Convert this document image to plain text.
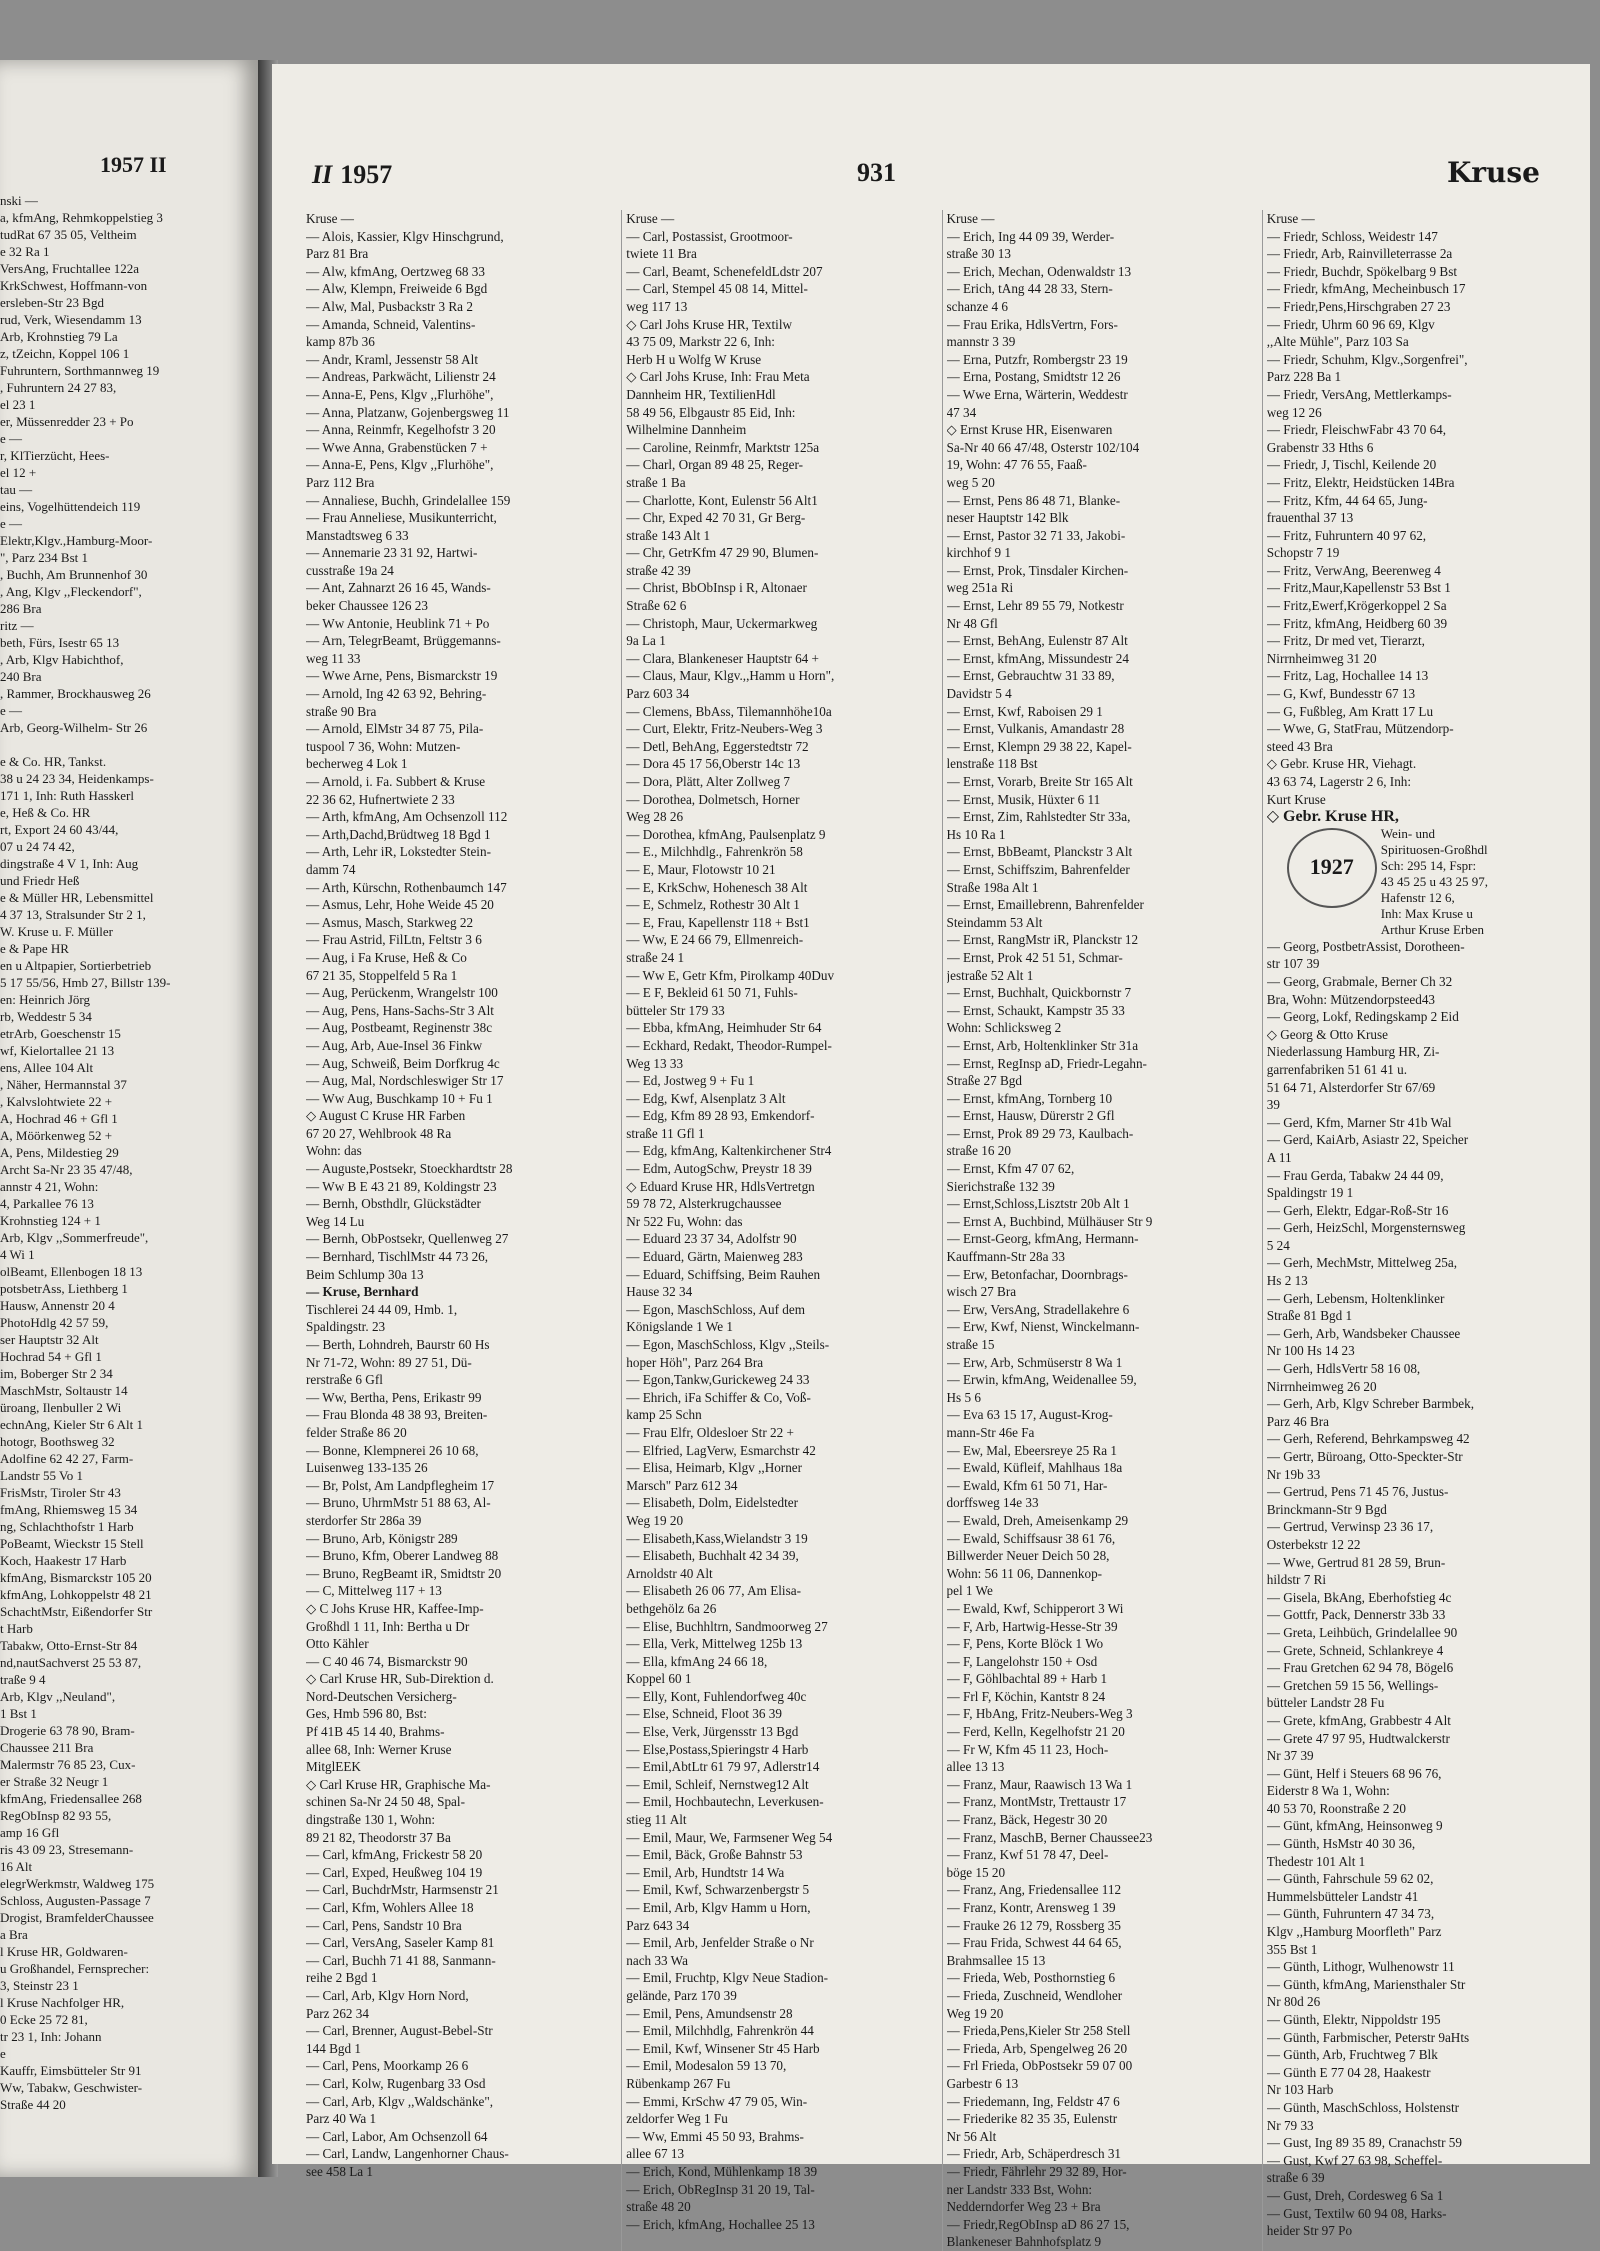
1957 II
nski —
a, kfmAng, Rehmkoppelstieg 3
tudRat 67 35 05, Veltheim
e 32 Ra 1
VersAng, Fruchtallee 122a
KrkSchwest, Hoffmann-von
ersleben-Str 23 Bgd
rud, Verk, Wiesendamm 13
Arb, Krohnstieg 79 La
z, tZeichn, Koppel 106 1
Fuhruntern, Sorthmannweg 19
, Fuhruntern 24 27 83,
el 23 1
er, Müssenredder 23 + Po
e —
r, KlTierzücht, Hees-
el 12 +
tau —
eins, Vogelhüttendeich 119
e —
Elektr,Klgv.,Hamburg-Moor-
", Parz 234 Bst 1
, Buchh, Am Brunnenhof 30
, Ang, Klgv ,,Fleckendorf",
286 Bra
ritz —
beth, Fürs, Isestr 65 13
, Arb, Klgv Habichthof,
240 Bra
, Rammer, Brockhausweg 26
e —
Arb, Georg-Wilhelm- Str 26

e & Co. HR, Tankst.
38 u 24 23 34, Heidenkamps-
171 1, Inh: Ruth Hasskerl
e, Heß & Co. HR
rt, Export 24 60 43/44,
07 u 24 74 42,
dingstraße 4 V 1, Inh: Aug
und Friedr Heß
e & Müller HR, Lebensmittel
4 37 13, Stralsunder Str 2 1,
W. Kruse u. F. Müller
e & Pape HR
en u Altpapier, Sortierbetrieb
5 17 55/56, Hmb 27, Billstr 139-
en: Heinrich Jörg
rb, Weddestr 5 34
etrArb, Goeschenstr 15
wf, Kielortallee 21 13
ens, Allee 104 Alt
, Näher, Hermannstal 37
, Kalvslohtwiete 22 +
A, Hochrad 46 + Gfl 1
A, Möörkenweg 52 +
A, Pens, Mildestieg 29
Archt Sa-Nr 23 35 47/48,
annstr 4 21, Wohn:
4, Parkallee 76 13
Krohnstieg 124 + 1
Arb, Klgv ,,Sommerfreude",
4 Wi 1
olBeamt, Ellenbogen 18 13
potsbetrAss, Liethberg 1
Hausw, Annenstr 20 4
PhotoHdlg 42 57 59,
ser Hauptstr 32 Alt
Hochrad 54 + Gfl 1
im, Boberger Str 2 34
MaschMstr, Soltaustr 14
üroang, Ilenbuller 2 Wi
echnAng, Kieler Str 6 Alt 1
hotogr, Boothsweg 32
Adolfine 62 42 27, Farm-
Landstr 55 Vo 1
FrisMstr, Tiroler Str 43
fmAng, Rhiemsweg 15 34
ng, Schlachthofstr 1 Harb
PoBeamt, Wieckstr 15 Stell
Koch, Haakestr 17 Harb
kfmAng, Bismarckstr 105 20
kfmAng, Lohkoppelstr 48 21
SchachtMstr, Eißendorfer Str
t Harb
Tabakw, Otto-Ernst-Str 84
nd,nautSachverst 25 53 87,
traße 9 4
Arb, Klgv ,,Neuland",
1 Bst 1
Drogerie 63 78 90, Bram-
Chaussee 211 Bra
Malermstr 76 85 23, Cux-
er Straße 32 Neugr 1
kfmAng, Friedensallee 268
RegObInsp 82 93 55,
amp 16 Gfl
ris 43 09 23, Stresemann-
16 Alt
elegrWerkmstr, Waldweg 175
Schloss, Augusten-Passage 7
Drogist, BramfelderChaussee
a Bra
l Kruse HR, Goldwaren-
u Großhandel, Fernsprecher:
3, Steinstr 23 1
l Kruse Nachfolger HR,
0 Ecke 25 72 81,
tr 23 1, Inh: Johann
e
Kauffr, Eimsbütteler Str 91
Ww, Tabakw, Geschwister-
Straße 44 20
II 1957	931	Kruse
Kruse —
— Alois, Kassier, Klgv Hinschgrund,
Parz 81 Bra
— Alw, kfmAng, Oertzweg 68 33
— Alw, Klempn, Freiweide 6 Bgd
— Alw, Mal, Pusbackstr 3 Ra 2
— Amanda, Schneid, Valentins-
kamp 87b 36
— Andr, Kraml, Jessenstr 58 Alt
— Andreas, Parkwächt, Lilienstr 24
— Anna-E, Pens, Klgv ,,Flurhöhe",
— Anna, Platzanw, Gojenbergsweg 11
— Anna, Reinmfr, Kegelhofstr 3 20
— Wwe Anna, Grabenstücken 7 +
— Anna-E, Pens, Klgv ,,Flurhöhe",
Parz 112 Bra
— Annaliese, Buchh, Grindelallee 159
— Frau Anneliese, Musikunterricht,
Manstadtsweg 6 33
— Annemarie 23 31 92, Hartwi-
cusstraße 19a 24
— Ant, Zahnarzt 26 16 45, Wands-
beker Chaussee 126 23
— Ww Antonie, Heublink 71 + Po
— Arn, TelegrBeamt, Brüggemanns-
weg 11 33
— Wwe Arne, Pens, Bismarckstr 19
— Arnold, Ing 42 63 92, Behring-
straße 90 Bra
— Arnold, ElMstr 34 87 75, Pila-
tuspool 7 36, Wohn: Mutzen-
becherweg 4 Lok 1
— Arnold, i. Fa. Subbert & Kruse
22 36 62, Hufnertwiete 2 33
— Arth, kfmAng, Am Ochsenzoll 112
— Arth,Dachd,Brüdtweg 18 Bgd 1
— Arth, Lehr iR, Lokstedter Stein-
damm 74
— Arth, Kürschn, Rothenbaumch 147
— Asmus, Lehr, Hohe Weide 45 20
— Asmus, Masch, Starkweg 22
— Frau Astrid, FilLtn, Feltstr 3 6
— Aug, i Fa Kruse, Heß & Co
67 21 35, Stoppelfeld 5 Ra 1
— Aug, Perückenm, Wrangelstr 100
— Aug, Pens, Hans-Sachs-Str 3 Alt
— Aug, Postbeamt, Reginenstr 38c
— Aug, Arb, Aue-Insel 36 Finkw
— Aug, Schweiß, Beim Dorfkrug 4c
— Aug, Mal, Nordschleswiger Str 17
— Ww Aug, Buschkamp 10 + Fu 1
◇ August C Kruse HR Farben
67 20 27, Wehlbrook 48 Ra
Wohn: das
— Auguste,Postsekr, Stoeckhardtstr 28
— Ww B E 43 21 89, Koldingstr 23
— Bernh, Obsthdlr, Glückstädter
Weg 14 Lu
— Bernh, ObPostsekr, Quellenweg 27
— Bernhard, TischlMstr 44 73 26,
Beim Schlump 30a 13
— Kruse, Bernhard
Tischlerei 24 44 09, Hmb. 1,
Spaldingstr. 23
— Berth, Lohndreh, Baurstr 60 Hs
Nr 71-72, Wohn: 89 27 51, Dü-
rerstraße 6 Gfl
— Ww, Bertha, Pens, Erikastr 99
— Frau Blonda 48 38 93, Breiten-
felder Straße 86 20
— Bonne, Klempnerei 26 10 68,
Luisenweg 133-135 26
— Br, Polst, Am Landpflegheim 17
— Bruno, UhrmMstr 51 88 63, Al-
sterdorfer Str 286a 39
— Bruno, Arb, Königstr 289
— Bruno, Kfm, Oberer Landweg 88
— Bruno, RegBeamt iR, Smidtstr 20
— C, Mittelweg 117 + 13
◇ C Johs Kruse HR, Kaffee-Imp-
Großhdl 1 11, Inh: Bertha u Dr
Otto Kähler
— C 40 46 74, Bismarckstr 90
◇ Carl Kruse HR, Sub-Direktion d.
Nord-Deutschen Versicherg-
Ges, Hmb 596 80, Bst:
Pf 41B 45 14 40, Brahms-
allee 68, Inh: Werner Kruse
MitglEEK
◇ Carl Kruse HR, Graphische Ma-
schinen Sa-Nr 24 50 48, Spal-
dingstraße 130 1, Wohn:
89 21 82, Theodorstr 37 Ba
— Carl, kfmAng, Frickestr 58 20
— Carl, Exped, Heußweg 104 19
— Carl, BuchdrMstr, Harmsenstr 21
— Carl, Kfm, Wohlers Allee 18
— Carl, Pens, Sandstr 10 Bra
— Carl, VersAng, Saseler Kamp 81
— Carl, Buchh 71 41 88, Sanmann-
reihe 2 Bgd 1
— Carl, Arb, Klgv Horn Nord,
Parz 262 34
— Carl, Brenner, August-Bebel-Str
144 Bgd 1
— Carl, Pens, Moorkamp 26 6
— Carl, Kolw, Rugenbarg 33 Osd
— Carl, Arb, Klgv ,,Waldschänke",
Parz 40 Wa 1
— Carl, Labor, Am Ochsenzoll 64
— Carl, Landw, Langenhorner Chaus-
see 458 La 1
Kruse —
— Carl, Postassist, Grootmoor-
twiete 11 Bra
— Carl, Beamt, SchenefeldLdstr 207
— Carl, Stempel 45 08 14, Mittel-
weg 117 13
◇ Carl Johs Kruse HR, Textilw
43 75 09, Markstr 22 6, Inh:
Herb H u Wolfg W Kruse
◇ Carl Johs Kruse, Inh: Frau Meta
Dannheim HR, TextilienHdl
58 49 56, Elbgaustr 85 Eid, Inh:
Wilhelmine Dannheim
— Caroline, Reinmfr, Marktstr 125a
— Charl, Organ 89 48 25, Reger-
straße 1 Ba
— Charlotte, Kont, Eulenstr 56 Alt1
— Chr, Exped 42 70 31, Gr Berg-
straße 143 Alt 1
— Chr, GetrKfm 47 29 90, Blumen-
straße 42 39
— Christ, BbObInsp i R, Altonaer
Straße 62 6
— Christoph, Maur, Uckermarkweg
9a La 1
— Clara, Blankeneser Hauptstr 64 +
— Claus, Maur, Klgv.,,Hamm u Horn",
Parz 603 34
— Clemens, BbAss, Tilemannhöhe10a
— Curt, Elektr, Fritz-Neubers-Weg 3
— Detl, BehAng, Eggerstedtstr 72
— Dora 45 17 56,Oberstr 14c 13
— Dora, Plätt, Alter Zollweg 7
— Dorothea, Dolmetsch, Horner
Weg 28 26
— Dorothea, kfmAng, Paulsenplatz 9
— E., Milchhdlg., Fahrenkrön 58
— E, Maur, Flotowstr 10 21
— E, KrkSchw, Hohenesch 38 Alt
— E, Schmelz, Rothestr 30 Alt 1
— E, Frau, Kapellenstr 118 + Bst1
— Ww, E 24 66 79, Ellmenreich-
straße 24 1
— Ww E, Getr Kfm, Pirolkamp 40Duv
— E F, Bekleid 61 50 71, Fuhls-
bütteler Str 179 33
— Ebba, kfmAng, Heimhuder Str 64
— Eckhard, Redakt, Theodor-Rumpel-
Weg 13 33
— Ed, Jostweg 9 + Fu 1
— Edg, Kwf, Alsenplatz 3 Alt
— Edg, Kfm 89 28 93, Emkendorf-
straße 11 Gfl 1
— Edg, kfmAng, Kaltenkirchener Str4
— Edm, AutogSchw, Preystr 18 39
◇ Eduard Kruse HR, HdlsVertretgn
59 78 72, Alsterkrugchaussee
Nr 522 Fu, Wohn: das
— Eduard 23 37 34, Adolfstr 90
— Eduard, Gärtn, Maienweg 283
— Eduard, Schiffsing, Beim Rauhen
Hause 32 34
— Egon, MaschSchloss, Auf dem
Königslande 1 We 1
— Egon, MaschSchloss, Klgv ,,Steils-
hoper Höh", Parz 264 Bra
— Egon,Tankw,Gurickeweg 24 33
— Ehrich, iFa Schiffer & Co, Voß-
kamp 25 Schn
— Frau Elfr, Oldesloer Str 22 +
— Elfried, LagVerw, Esmarchstr 42
— Elisa, Heimarb, Klgv ,,Horner
Marsch" Parz 612 34
— Elisabeth, Dolm, Eidelstedter
Weg 19 20
— Elisabeth,Kass,Wielandstr 3 19
— Elisabeth, Buchhalt 42 34 39,
Arnoldstr 40 Alt
— Elisabeth 26 06 77, Am Elisa-
bethgehölz 6a 26
— Elise, Buchhltrn, Sandmoorweg 27
— Ella, Verk, Mittelweg 125b 13
— Ella, kfmAng 24 66 18,
Koppel 60 1
— Elly, Kont, Fuhlendorfweg 40c
— Else, Schneid, Floot 36 39
— Else, Verk, Jürgensstr 13 Bgd
— Else,Postass,Spieringstr 4 Harb
— Emil,AbtLtr 61 79 97, Adlerstr14
— Emil, Schleif, Nernstweg12 Alt
— Emil, Hochbautechn, Leverkusen-
stieg 11 Alt
— Emil, Maur, We, Farmsener Weg 54
— Emil, Bäck, Große Bahnstr 53
— Emil, Arb, Hundtstr 14 Wa
— Emil, Kwf, Schwarzenbergstr 5
— Emil, Arb, Klgv Hamm u Horn,
Parz 643 34
— Emil, Arb, Jenfelder Straße o Nr
nach 33 Wa
— Emil, Fruchtp, Klgv Neue Stadion-
gelände, Parz 170 39
— Emil, Pens, Amundsenstr 28
— Emil, Milchhdlg, Fahrenkrön 44
— Emil, Kwf, Winsener Str 45 Harb
— Emil, Modesalon 59 13 70,
Rübenkamp 267 Fu
— Emmi, KrSchw 47 79 05, Win-
zeldorfer Weg 1 Fu
— Ww, Emmi 45 50 93, Brahms-
allee 67 13
— Erich, Kond, Mühlenkamp 18 39
— Erich, ObRegInsp 31 20 19, Tal-
straße 48 20
— Erich, kfmAng, Hochallee 25 13
Kruse —
— Erich, Ing 44 09 39, Werder-
straße 30 13
— Erich, Mechan, Odenwaldstr 13
— Erich, tAng 44 28 33, Stern-
schanze 4 6
— Frau Erika, HdlsVertrn, Fors-
mannstr 3 39
— Erna, Putzfr, Rombergstr 23 19
— Erna, Postang, Smidtstr 12 26
— Wwe Erna, Wärterin, Weddestr
47 34
◇ Ernst Kruse HR, Eisenwaren
Sa-Nr 40 66 47/48, Osterstr 102/104
19, Wohn: 47 76 55, Faaß-
weg 5 20
— Ernst, Pens 86 48 71, Blanke-
neser Hauptstr 142 Blk
— Ernst, Pastor 32 71 33, Jakobi-
kirchhof 9 1
— Ernst, Prok, Tinsdaler Kirchen-
weg 251a Ri
— Ernst, Lehr 89 55 79, Notkestr
Nr 48 Gfl
— Ernst, BehAng, Eulenstr 87 Alt
— Ernst, kfmAng, Missundestr 24
— Ernst, Gebrauchtw 31 33 89,
Davidstr 5 4
— Ernst, Kwf, Raboisen 29 1
— Ernst, Vulkanis, Amandastr 28
— Ernst, Klempn 29 38 22, Kapel-
lenstraße 118 Bst
— Ernst, Vorarb, Breite Str 165 Alt
— Ernst, Musik, Hüxter 6 11
— Ernst, Zim, Rahlstedter Str 33a,
Hs 10 Ra 1
— Ernst, BbBeamt, Planckstr 3 Alt
— Ernst, Schiffszim, Bahrenfelder
Straße 198a Alt 1
— Ernst, Emaillebrenn, Bahrenfelder
Steindamm 53 Alt
— Ernst, RangMstr iR, Planckstr 12
— Ernst, Prok 42 51 51, Schmar-
jestraße 52 Alt 1
— Ernst, Buchhalt, Quickbornstr 7
— Ernst, Schaukt, Kampstr 35 33
Wohn: Schlicksweg 2
— Ernst, Arb, Holtenklinker Str 31a
— Ernst, RegInsp aD, Friedr-Legahn-
Straße 27 Bgd
— Ernst, kfmAng, Tornberg 10
— Ernst, Hausw, Dürerstr 2 Gfl
— Ernst, Prok 89 29 73, Kaulbach-
straße 16 20
— Ernst, Kfm 47 07 62,
Sierichstraße 132 39
— Ernst,Schloss,Lisztstr 20b Alt 1
— Ernst A, Buchbind, Mülhäuser Str 9
— Ernst-Georg, kfmAng, Hermann-
Kauffmann-Str 28a 33
— Erw, Betonfachar, Doornbrags-
wisch 27 Bra
— Erw, VersAng, Stradellakehre 6
— Erw, Kwf, Nienst, Winckelmann-
straße 15
— Erw, Arb, Schmüserstr 8 Wa 1
— Erwin, kfmAng, Weidenallee 59,
Hs 5 6
— Eva 63 15 17, August-Krog-
mann-Str 46e Fa
— Ew, Mal, Ebeersreye 25 Ra 1
— Ewald, Küfleif, Mahlhaus 18a
— Ewald, Kfm 61 50 71, Har-
dorffsweg 14e 33
— Ewald, Dreh, Ameisenkamp 29
— Ewald, Schiffsausr 38 61 76,
Billwerder Neuer Deich 50 28,
Wohn: 56 11 06, Dannenkop-
pel 1 We
— Ewald, Kwf, Schipperort 3 Wi
— F, Arb, Hartwig-Hesse-Str 39
— F, Pens, Korte Blöck 1 Wo
— F, Langelohstr 150 + Osd
— F, Göhlbachtal 89 + Harb 1
— Frl F, Köchin, Kantstr 8 24
— F, HbAng, Fritz-Neubers-Weg 3
— Ferd, Kelln, Kegelhofstr 21 20
— Fr W, Kfm 45 11 23, Hoch-
allee 13 13
— Franz, Maur, Raawisch 13 Wa 1
— Franz, MontMstr, Trettaustr 17
— Franz, Bäck, Hegestr 30 20
— Franz, MaschB, Berner Chaussee23
— Franz, Kwf 51 78 47, Deel-
böge 15 20
— Franz, Ang, Friedensallee 112
— Franz, Kontr, Arensweg 1 39
— Frauke 26 12 79, Rossberg 35
— Frau Frida, Schwest 44 64 65,
Brahmsallee 15 13
— Frieda, Web, Posthornstieg 6
— Frieda, Zuschneid, Wendloher
Weg 19 20
— Frieda,Pens,Kieler Str 258 Stell
— Frieda, Arb, Spengelweg 26 20
— Frl Frieda, ObPostsekr 59 07 00
Garbestr 6 13
— Friedemann, Ing, Feldstr 47 6
— Friederike 82 35 35, Eulenstr
Nr 56 Alt
— Friedr, Arb, Schäperdresch 31
— Friedr, Fährlehr 29 32 89, Hor-
ner Landstr 333 Bst, Wohn:
Nedderndorfer Weg 23 + Bra
— Friedr,RegObInsp aD 86 27 15,
Blankeneser Bahnhofsplatz 9
Kruse —
— Friedr, Schloss, Weidestr 147
— Friedr, Arb, Rainvilleterrasse 2a
— Friedr, Buchdr, Spökelbarg 9 Bst
— Friedr, kfmAng, Mecheinbusch 17
— Friedr,Pens,Hirschgraben 27 23
— Friedr, Uhrm 60 96 69, Klgv
,,Alte Mühle", Parz 103 Sa
— Friedr, Schuhm, Klgv.,Sorgenfrei",
Parz 228 Ba 1
— Friedr, VersAng, Mettlerkamps-
weg 12 26
— Friedr, FleischwFabr 43 70 64,
Grabenstr 33 Hths 6
— Friedr, J, Tischl, Keilende 20
— Fritz, Elektr, Heidstücken 14Bra
— Fritz, Kfm, 44 64 65, Jung-
frauenthal 37 13
— Fritz, Fuhruntern 40 97 62,
Schopstr 7 19
— Fritz, VerwAng, Beerenweg 4
— Fritz,Maur,Kapellenstr 53 Bst 1
— Fritz,Ewerf,Krögerkoppel 2 Sa
— Fritz, kfmAng, Heidberg 60 39
— Fritz, Dr med vet, Tierarzt,
Nirrnheimweg 31 20
— Fritz, Lag, Hochallee 14 13
— G, Kwf, Bundesstr 67 13
— G, Fußbleg, Am Kratt 17 Lu
— Wwe, G, StatFrau, Mützendorp-
steed 43 Bra
◇ Gebr. Kruse HR, Viehagt.
43 63 74, Lagerstr 2 6, Inh:
Kurt Kruse
◇ Gebr. Kruse HR,
1927
Wein- und
Spirituosen-Großhdl
Sch: 295 14, Fspr:
43 45 25 u 43 25 97,
Hafenstr 12 6,
Inh: Max Kruse u
Arthur Kruse Erben
— Georg, PostbetrAssist, Dorotheen-
str 107 39
— Georg, Grabmale, Berner Ch 32
Bra, Wohn: Mützendorpsteed43
— Georg, Lokf, Redingskamp 2 Eid
◇ Georg & Otto Kruse
Niederlassung Hamburg HR, Zi-
garrenfabriken 51 61 41 u.
51 64 71, Alsterdorfer Str 67/69
39
— Gerd, Kfm, Marner Str 41b Wal
— Gerd, KaiArb, Asiastr 22, Speicher
A 11
— Frau Gerda, Tabakw 24 44 09,
Spaldingstr 19 1
— Gerh, Elektr, Edgar-Roß-Str 16
— Gerh, HeizSchl, Morgensternsweg
5 24
— Gerh, MechMstr, Mittelweg 25a,
Hs 2 13
— Gerh, Lebensm, Holtenklinker
Straße 81 Bgd 1
— Gerh, Arb, Wandsbeker Chaussee
Nr 100 Hs 14 23
— Gerh, HdlsVertr 58 16 08,
Nirrnheimweg 26 20
— Gerh, Arb, Klgv Schreber Barmbek,
Parz 46 Bra
— Gerh, Referend, Behrkampsweg 42
— Gertr, Büroang, Otto-Speckter-Str
Nr 19b 33
— Gertrud, Pens 71 45 76, Justus-
Brinckmann-Str 9 Bgd
— Gertrud, Verwinsp 23 36 17,
Osterbekstr 12 22
— Wwe, Gertrud 81 28 59, Brun-
hildstr 7 Ri
— Gisela, BkAng, Eberhofstieg 4c
— Gottfr, Pack, Dennerstr 33b 33
— Greta, Leihbüch, Grindelallee 90
— Grete, Schneid, Schlankreye 4
— Frau Gretchen 62 94 78, Bögel6
— Gretchen 59 15 56, Wellings-
bütteler Landstr 28 Fu
— Grete, kfmAng, Grabbestr 4 Alt
— Grete 47 97 95, Hudtwalckerstr
Nr 37 39
— Günt, Helf i Steuers 68 96 76,
Eiderstr 8 Wa 1, Wohn:
40 53 70, Roonstraße 2 20
— Günt, kfmAng, Heinsonweg 9
— Günth, HsMstr 40 30 36,
Thedestr 101 Alt 1
— Günth, Fahrschule 59 62 02,
Hummelsbütteler Landstr 41
— Günth, Fuhruntern 47 34 73,
Klgv ,,Hamburg Moorfleth" Parz
355 Bst 1
— Günth, Lithogr, Wulhenowstr 11
— Günth, kfmAng, Mariensthaler Str
Nr 80d 26
— Günth, Elektr, Nippoldstr 195
— Günth, Farbmischer, Peterstr 9aHts
— Günth, Arb, Fruchtweg 7 Blk
— Günth E 77 04 28, Haakestr
Nr 103 Harb
— Günth, MaschSchloss, Holstenstr
Nr 79 33
— Gust, Ing 89 35 89, Cranachstr 59
— Gust, Kwf 27 63 98, Scheffel-
straße 6 39
— Gust, Dreh, Cordesweg 6 Sa 1
— Gust, Textilw 60 94 08, Harks-
heider Str 97 Po
